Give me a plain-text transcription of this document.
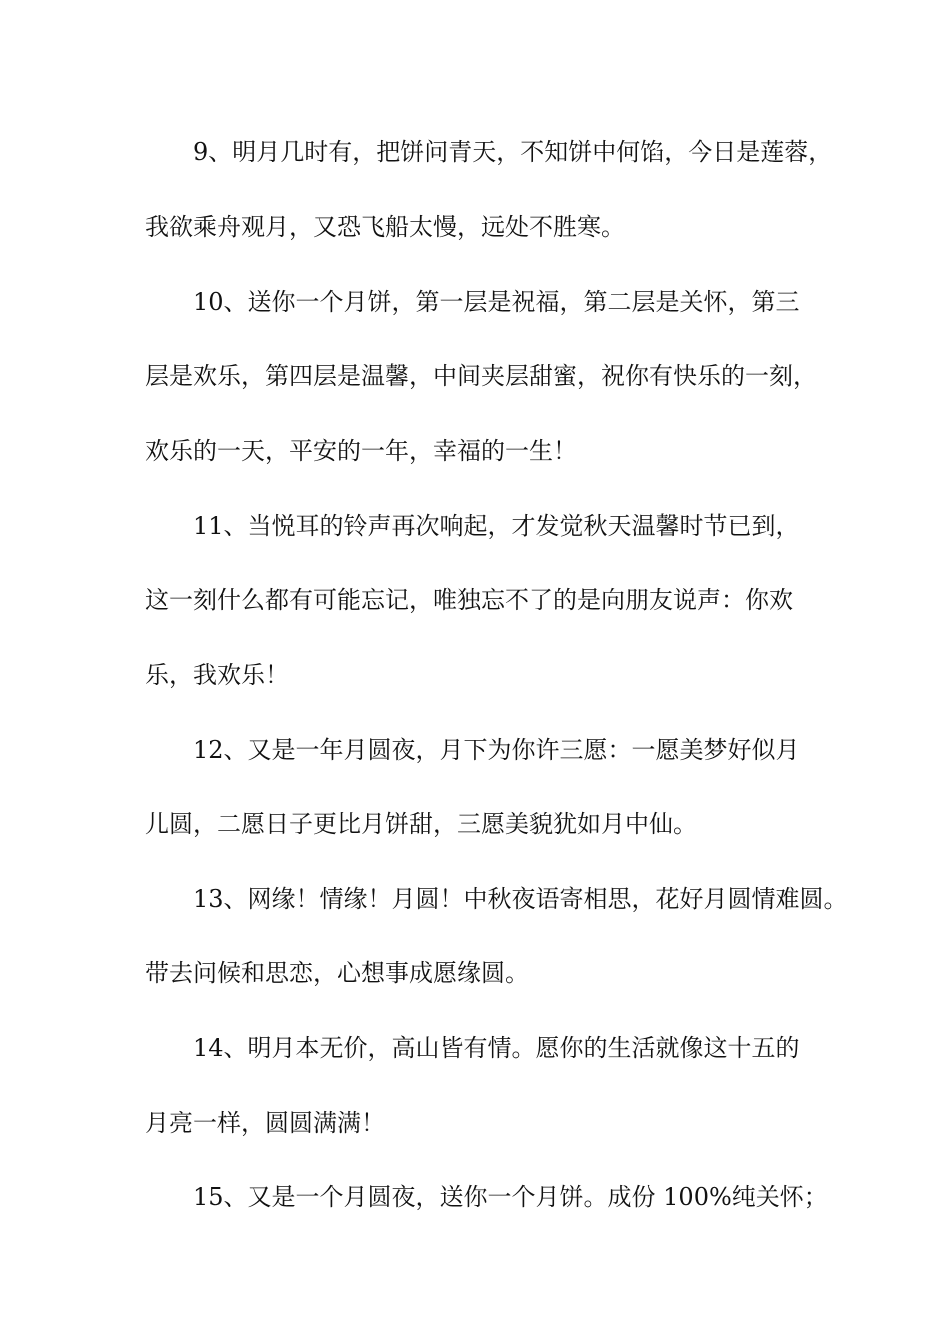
9、明月几时有，把饼问青天，不知饼中何馅，今日是莲蓉，
我欲乘舟观月，又恐飞船太慢，远处不胜寒。
10、送你一个月饼，第一层是祝福，第二层是关怀，第三
层是欢乐，第四层是温馨，中间夹层甜蜜，祝你有快乐的一刻，
欢乐的一天，平安的一年，幸福的一生！
11、当悦耳的铃声再次响起，才发觉秋天温馨时节已到，
这一刻什么都有可能忘记，唯独忘不了的是向朋友说声：你欢
乐，我欢乐！
12、又是一年月圆夜，月下为你许三愿：一愿美梦好似月
儿圆，二愿日子更比月饼甜，三愿美貌犹如月中仙。
13、网缘！情缘！月圆！中秋夜语寄相思，花好月圆情难圆。
带去问候和思恋，心想事成愿缘圆。
14、明月本无价，高山皆有情。愿你的生活就像这十五的
月亮一样，圆圆满满！
15、又是一个月圆夜，送你一个月饼。成份 100%纯关怀；
